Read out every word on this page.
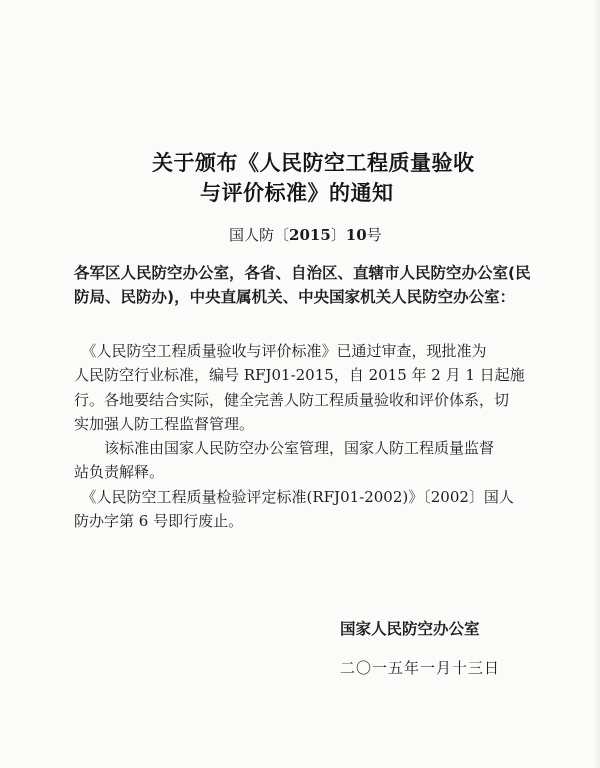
关于颁布《人民防空工程质量验收
与评价标准》的通知
国人防〔2015〕10号
各军区人民防空办公室，各省、自治区、直辖市人民防空办公室(民
防局、民防办)，中央直属机关、中央国家机关人民防空办公室：
　《人民防空工程质量验收与评价标准》已通过审查，现批准为
人民防空行业标准，编号 RFJ01-2015，自 2015 年 2 月 1 日起施
行。各地要结合实际，健全完善人防工程质量验收和评价体系，切
实加强人防工程监督管理。
　　该标准由国家人民防空办公室管理，国家人防工程质量监督
站负责解释。
　《人民防空工程质量检验评定标准(RFJ01-2002)》〔2002〕国人
防办字第 6 号即行废止。
国家人民防空办公室
二〇一五年一月十三日
